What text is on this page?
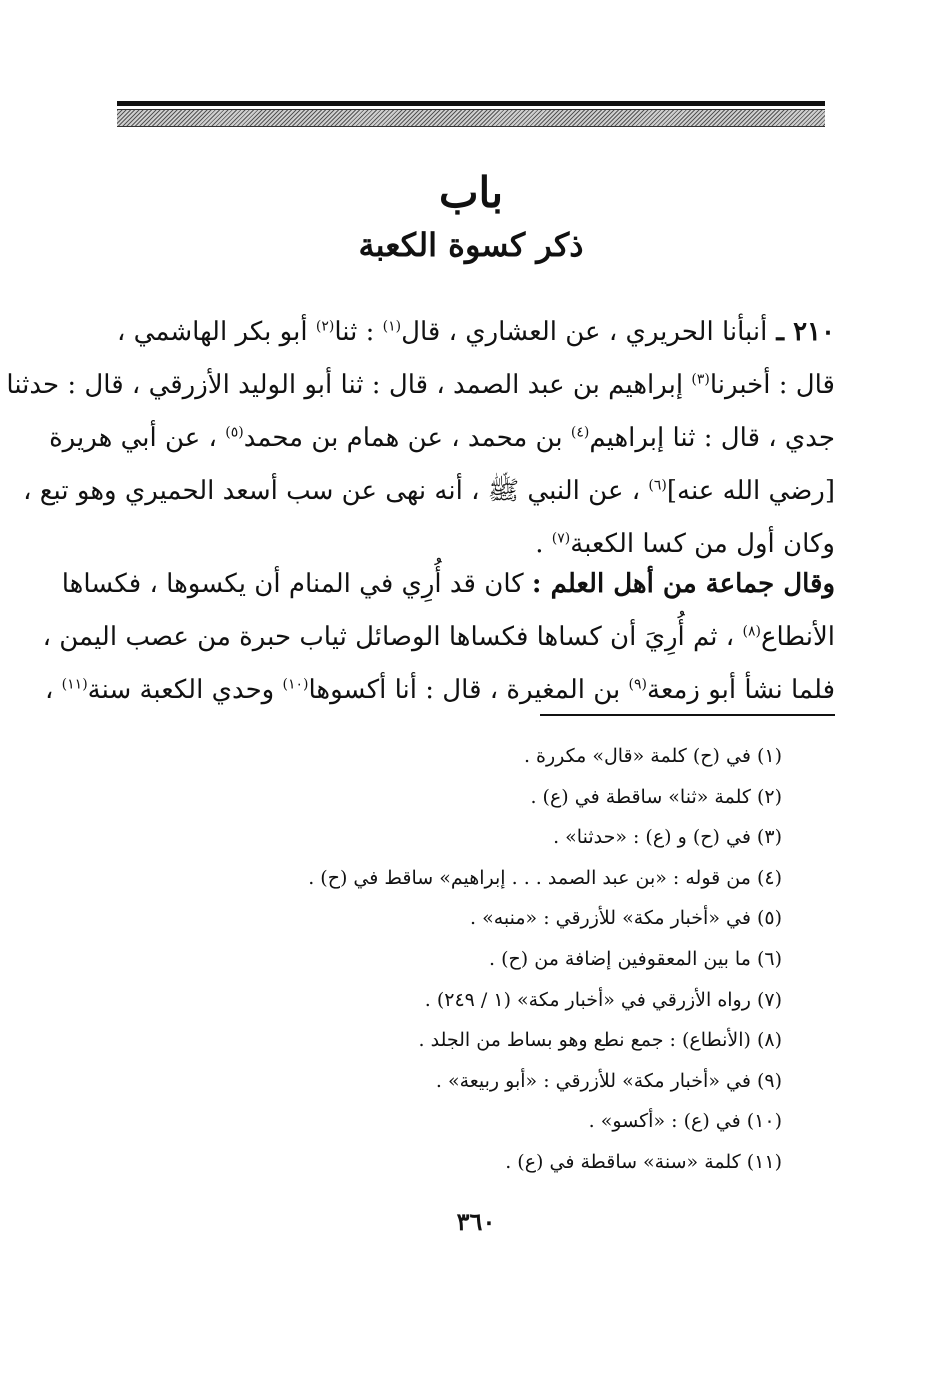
باب
ذكر كسوة الكعبة
٢١٠ ـ أنبأنا الحريري ، عن العشاري ، قال$^{(١)}$ : ثنا$^{(٢)}$ أبو بكر الهاشمي ،
قال : أخبرنا$^{(٣)}$ إبراهيم بن عبد الصمد ، قال : ثنا أبو الوليد الأزرقي ، قال : حدثنا
جدي ، قال : ثنا إبراهيم$^{(٤)}$ بن محمد ، عن همام بن محمد$^{(٥)}$ ، عن أبي هريرة
[رضي الله عنه]$^{(٦)}$ ، عن النبي ﷺ ، أنه نهى عن سب أسعد الحميري وهو تبع ،
وكان أول من كسا الكعبة$^{(٧)}$ .
وقال جماعة من أهل العلم : كان قد أُرِي في المنام أن يكسوها ، فكساها
الأنطاع$^{(٨)}$ ، ثم أُرِيَ أن كساها فكساها الوصائل ثياب حبرة من عصب اليمن ،
فلما نشأ أبو زمعة$^{(٩)}$ بن المغيرة ، قال : أنا أكسوها$^{(١٠)}$ وحدي الكعبة سنة$^{(١١)}$ ،
(١) في (ح) كلمة «قال» مكررة .
(٢) كلمة «ثنا» ساقطة في (ع) .
(٣) في (ح) و (ع) : «حدثنا» .
(٤) من قوله : «بن عبد الصمد . . . إبراهيم» ساقط في (ح) .
(٥) في «أخبار مكة» للأزرقي : «منبه» .
(٦) ما بين المعقوفين إضافة من (ح) .
(٧) رواه الأزرقي في «أخبار مكة» (١ / ٢٤٩) .
(٨) (الأنطاع) : جمع نطع وهو بساط من الجلد .
(٩) في «أخبار مكة» للأزرقي : «أبو ربيعة» .
(١٠) في (ع) : «أكسو» .
(١١) كلمة «سنة» ساقطة في (ع) .
٣٦٠
